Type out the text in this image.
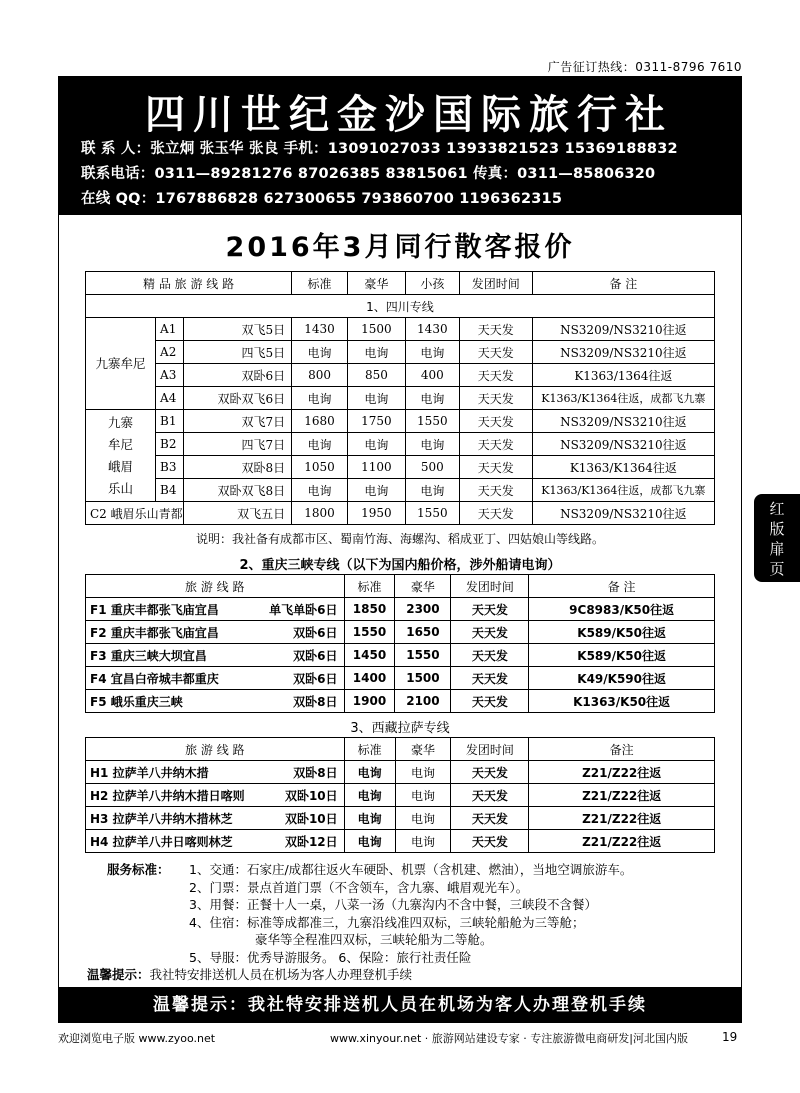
广告征订热线：0311-8796 7610
四川世纪金沙国际旅行社
联 系 人：张立炯 张玉华 张良 手机：13091027033 13933821523 15369188832
联系电话：0311—89281276 87026385 83815061 传真：0311—85806320
在线 QQ：1767886828 627300655 793860700 1196362315
2016年3月同行散客报价
精 品 旅 游 线 路			标准	豪华	小孩	发团时间	备 注
1、四川专线							
九寨牟尼	A1	双飞5日	1430	1500	1430	天天发	NS3209/NS3210往返
	A2	四飞5日	电询	电询	电询	天天发	NS3209/NS3210往返
	A3	双卧6日	800	850	400	天天发	K1363/1364往返
	A4	双卧双飞6日	电询	电询	电询	天天发	K1363/K1364往返，成都飞九寨
九寨牟尼峨眉乐山	B1	双飞7日	1680	1750	1550	天天发	NS3209/NS3210往返
	B2	四飞7日	电询	电询	电询	天天发	NS3209/NS3210往返
	B3	双卧8日	1050	1100	500	天天发	K1363/K1364往返
	B4	双卧双飞8日	电询	电询	电询	天天发	K1363/K1364往返，成都飞九寨
C2 峨眉乐山青都		双飞五日	1800	1950	1550	天天发	NS3209/NS3210往返
说明：我社备有成都市区、蜀南竹海、海螺沟、稻成亚丁、四姑娘山等线路。
2、重庆三峡专线（以下为国内船价格，涉外船请电询）
旅 游 线 路	标准	豪华	发团时间	备 注
F1 重庆丰都张飞庙宜昌 单飞单卧6日	1850	2300	天天发	9C8983/K50往返
F2 重庆丰都张飞庙宜昌 双卧6日	1550	1650	天天发	K589/K50往返
F3 重庆三峡大坝宜昌 双卧6日	1450	1550	天天发	K589/K50往返
F4 宜昌白帝城丰都重庆 双卧6日	1400	1500	天天发	K49/K590往返
F5 峨乐重庆三峡 双卧8日	1900	2100	天天发	K1363/K50往返
3、西藏拉萨专线
旅 游 线 路	标准	豪华	发团时间	备注
H1 拉萨羊八井纳木措 双卧8日	电询	电询	天天发	Z21/Z22往返
H2 拉萨羊八井纳木措日喀则 双卧10日	电询	电询	天天发	Z21/Z22往返
H3 拉萨羊八井纳木措林芝 双卧10日	电询	电询	天天发	Z21/Z22往返
H4 拉萨羊八井日喀则林芝 双卧12日	电询	电询	天天发	Z21/Z22往返
服务标准： 1、交通：石家庄/成都往返火车硬卧、机票（含机建、燃油），当地空调旅游车。
2、门票：景点首道门票（不含领车，含九寨、峨眉观光车）。
3、用餐：正餐十人一桌，八菜一汤（九寨沟内不含中餐，三峡段不含餐）
4、住宿：标准等成都准三，九寨沿线准四双标，三峡轮船舱为三等舱；
豪华等全程准四双标，三峡轮船为二等舱。
5、导服：优秀导游服务。 6、保险：旅行社责任险
温馨提示：我社特安排送机人员在机场为客人办理登机手续
温馨提示：我社特安排送机人员在机场为客人办理登机手续
红
版
扉
页
欢迎浏览电子版 www.zyoo.net	www.xinyour.net · 旅游网站建设专家 · 专注旅游微电商研发|河北国内版	19
